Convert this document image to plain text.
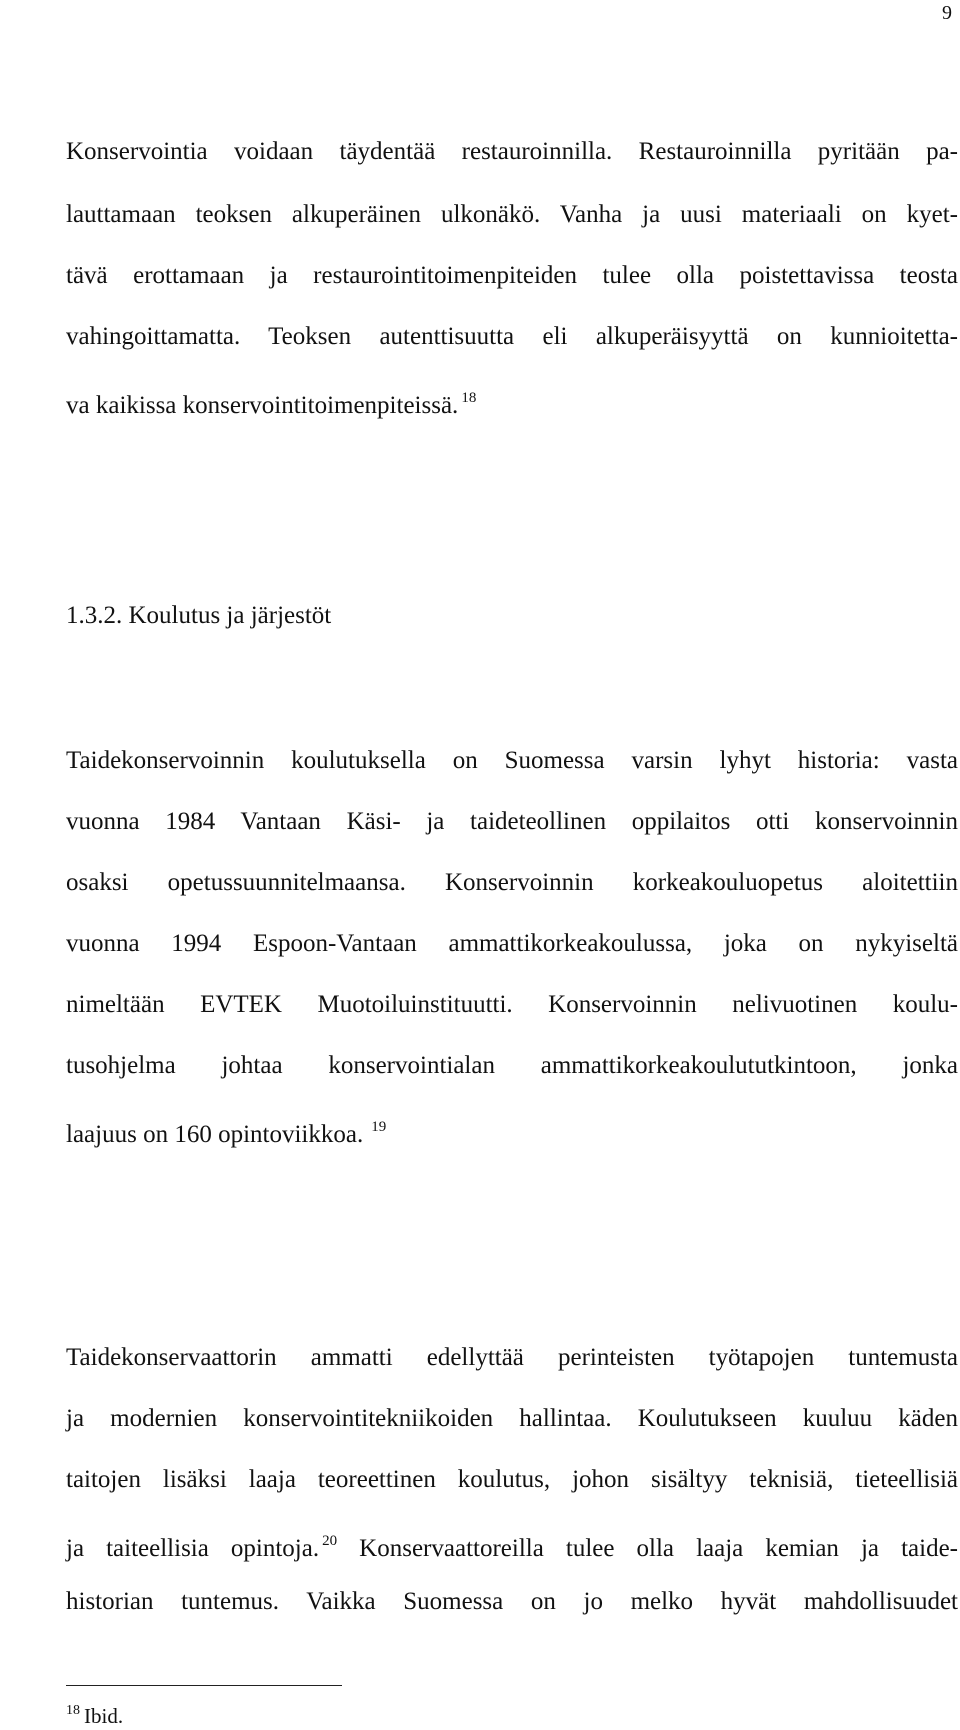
9
Konservointia voidaan täydentää restauroinnilla. Restauroinnilla pyritään pa-
lauttamaan teoksen alkuperäinen ulkonäkö. Vanha ja uusi materiaali on kyet-
tävä erottamaan ja restaurointitoimenpiteiden tulee olla poistettavissa teosta
vahingoittamatta. Teoksen autenttisuutta eli alkuperäisyyttä on kunnioitetta-
va kaikissa konservointitoimenpiteissä. $^{18}$
1.3.2. Koulutus ja järjestöt
Taidekonservoinnin koulutuksella on Suomessa varsin lyhyt historia: vasta
vuonna 1984 Vantaan Käsi- ja taideteollinen oppilaitos otti konservoinnin
osaksi opetussuunnitelmaansa. Konservoinnin korkeakouluopetus aloitettiin
vuonna 1994 Espoon-Vantaan ammattikorkeakoulussa, joka on nykyiseltä
nimeltään EVTEK Muotoiluinstituutti. Konservoinnin nelivuotinen koulu-
tusohjelma johtaa konservointialan ammattikorkeakoulututkintoon, jonka
laajuus on 160 opintoviikkoa. $^{19}$
Taidekonservaattorin ammatti edellyttää perinteisten työtapojen tuntemusta
ja modernien konservointitekniikoiden hallintaa. Koulutukseen kuuluu käden
taitojen lisäksi laaja teoreettinen koulutus, johon sisältyy teknisiä, tieteellisiä
ja taiteellisia opintoja. $^{20}$ Konservaattoreilla tulee olla laaja kemian ja taide-
historian tuntemus. Vaikka Suomessa on jo melko hyvät mahdollisuudet
$^{18}$ Ibid.
